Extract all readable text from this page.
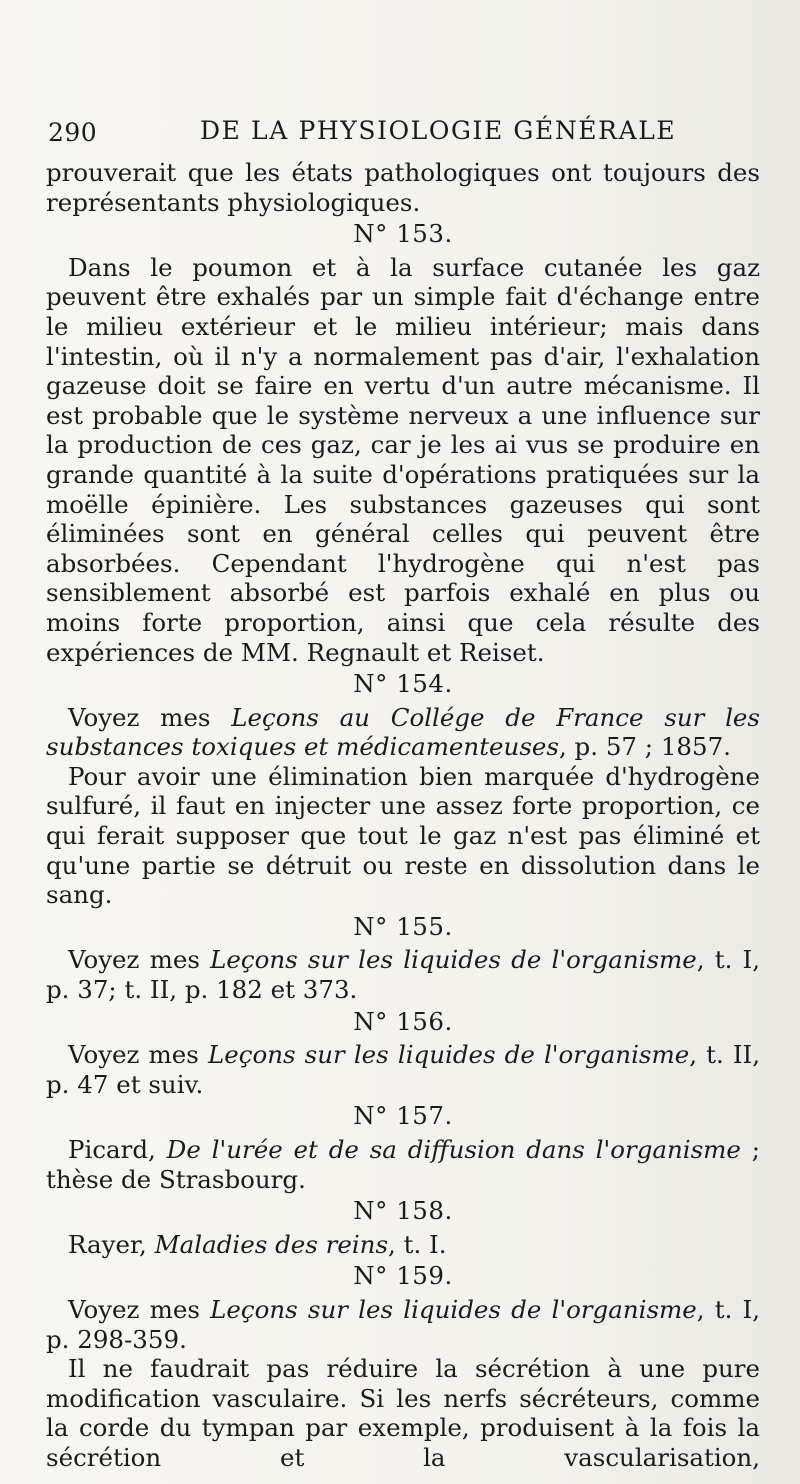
290	DE LA PHYSIOLOGIE GÉNÉRALE

prouverait que les états pathologiques ont toujours des représentants physiologiques.

N° 153.

Dans le poumon et à la surface cutanée les gaz peuvent être exhalés par un simple fait d'échange entre le milieu extérieur et le milieu intérieur; mais dans l'intestin, où il n'y a normalement pas d'air, l'exhalation gazeuse doit se faire en vertu d'un autre mécanisme. Il est probable que le système nerveux a une influence sur la production de ces gaz, car je les ai vus se produire en grande quantité à la suite d'opérations pratiquées sur la moëlle épinière. Les substances gazeuses qui sont éliminées sont en général celles qui peuvent être absorbées. Cependant l'hydrogène qui n'est pas sensiblement absorbé est parfois exhalé en plus ou moins forte proportion, ainsi que cela résulte des expériences de MM. Regnault et Reiset.

N° 154.

Voyez mes Leçons au Collége de France sur les substances toxiques et médicamenteuses, p. 57 ; 1857.

Pour avoir une élimination bien marquée d'hydrogène sulfuré, il faut en injecter une assez forte proportion, ce qui ferait supposer que tout le gaz n'est pas éliminé et qu'une partie se détruit ou reste en dissolution dans le sang.

N° 155.

Voyez mes Leçons sur les liquides de l'organisme, t. I, p. 37; t. II, p. 182 et 373.

N° 156.

Voyez mes Leçons sur les liquides de l'organisme, t. II, p. 47 et suiv.

N° 157.

Picard, De l'urée et de sa diffusion dans l'organisme ; thèse de Strasbourg.

N° 158.

Rayer, Maladies des reins, t. I.

N° 159.

Voyez mes Leçons sur les liquides de l'organisme, t. I, p. 298-359.

Il ne faudrait pas réduire la sécrétion à une pure modification vasculaire. Si les nerfs sécréteurs, comme la corde du tympan par exemple, produisent à la fois la sécrétion et la vascularisation,
